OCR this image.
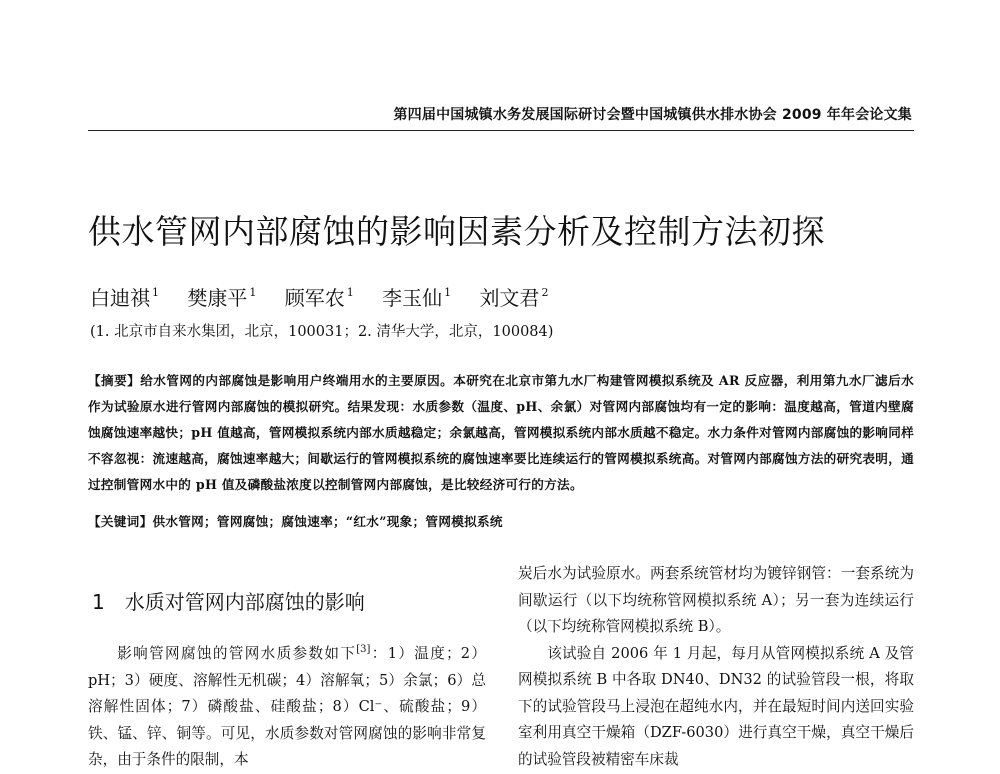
第四届中国城镇水务发展国际研讨会暨中国城镇供水排水协会 2009 年年会论文集
供水管网内部腐蚀的影响因素分析及控制方法初探
白迪祺 $^1$ 樊康平 $^1$ 顾军农 $^1$ 李玉仙 $^1$ 刘文君 $^2$
(1. 北京市自来水集团，北京，100031；2. 清华大学，北京，100084)
【摘要】给水管网的内部腐蚀是影响用户终端用水的主要原因。本研究在北京市第九水厂构建管网模拟系统及 AR 反应器，利用第九水厂滤后水作为试验原水进行管网内部腐蚀的模拟研究。结果发现：水质参数（温度、pH、余氯）对管网内部腐蚀均有一定的影响：温度越高，管道内壁腐蚀腐蚀速率越快；pH 值越高，管网模拟系统内部水质越稳定；余氯越高，管网模拟系统内部水质越不稳定。水力条件对管网内部腐蚀的影响同样不容忽视：流速越高，腐蚀速率越大；间歇运行的管网模拟系统的腐蚀速率要比连续运行的管网模拟系统高。对管网内部腐蚀方法的研究表明，通过控制管网水中的 pH 值及磷酸盐浓度以控制管网内部腐蚀，是比较经济可行的方法。
【关键词】供水管网；管网腐蚀；腐蚀速率；“红水”现象；管网模拟系统
1 水质对管网内部腐蚀的影响

影响管网腐蚀的管网水质参数如下[3]：1）温度；2）pH；3）硬度、溶解性无机碳；4）溶解氧；5）余氯；6）总溶解性固体；7）磷酸盐、硅酸盐；8）Cl⁻、硫酸盐；9）铁、锰、锌、铜等。可见，水质参数对管网腐蚀的影响非常复杂，由于条件的限制，本

炭后水为试验原水。两套系统管材均为镀锌钢管：一套系统为间歇运行（以下均统称管网模拟系统 A）；另一套为连续运行（以下均统称管网模拟系统 B）。

该试验自 2006 年 1 月起，每月从管网模拟系统 A 及管网模拟系统 B 中各取 DN40、DN32 的试验管段一根，将取下的试验管段马上浸泡在超纯水内，并在最短时间内送回实验室利用真空干燥箱（DZF-6030）进行真空干燥，真空干燥后的试验管段被精密车床裁
